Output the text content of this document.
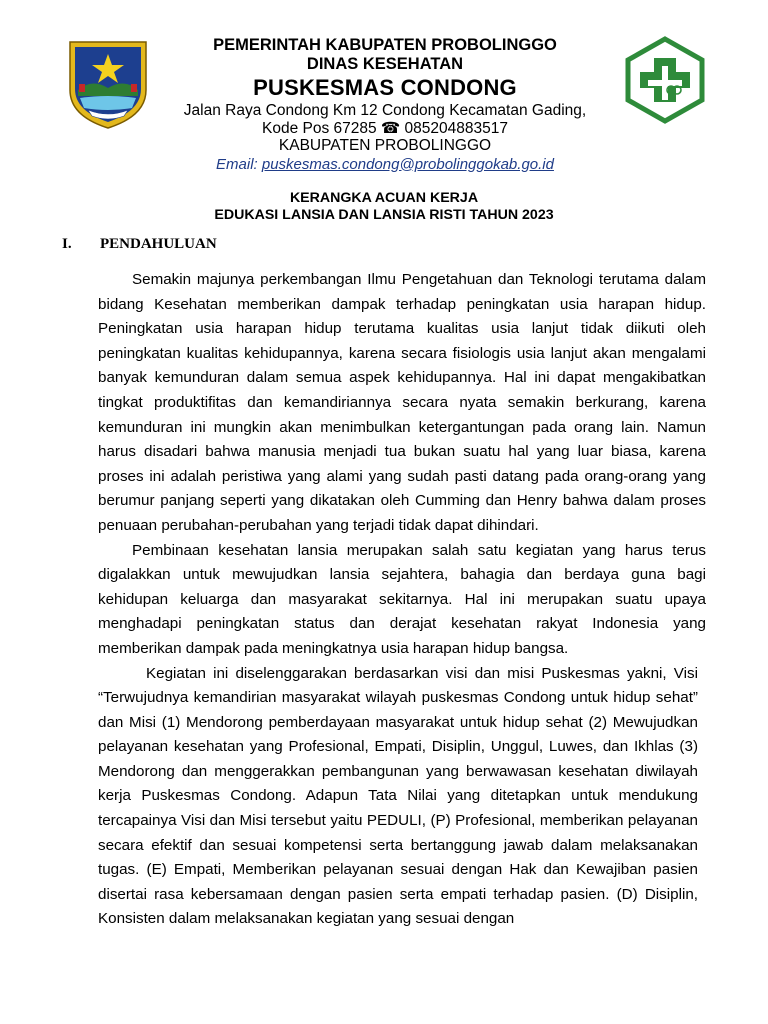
PEMERINTAH KABUPATEN PROBOLINGGO
DINAS KESEHATAN
PUSKESMAS CONDONG
Jalan Raya Condong Km 12 Condong Kecamatan Gading,
Kode Pos 67285 ☎ 085204883517
KABUPATEN PROBOLINGGO
Email: puskesmas.condong@probolinggokab.go.id
KERANGKA ACUAN KERJA
EDUKASI LANSIA DAN LANSIA RISTI TAHUN 2023
I. PENDAHULUAN

Semakin majunya perkembangan Ilmu Pengetahuan dan Teknologi terutama dalam bidang Kesehatan memberikan dampak terhadap peningkatan usia harapan hidup. Peningkatan usia harapan hidup terutama kualitas usia lanjut tidak diikuti oleh peningkatan kualitas kehidupannya, karena secara fisiologis usia lanjut akan mengalami banyak kemunduran dalam semua aspek kehidupannya. Hal ini dapat mengakibatkan tingkat produktifitas dan kemandiriannya secara nyata semakin berkurang, karena kemunduran ini mungkin akan menimbulkan ketergantungan pada orang lain. Namun harus disadari bahwa manusia menjadi tua bukan suatu hal yang luar biasa, karena proses ini adalah peristiwa yang alami yang sudah pasti datang pada orang-orang yang berumur panjang seperti yang dikatakan oleh Cumming dan Henry bahwa dalam proses penuaan perubahan-perubahan yang terjadi tidak dapat dihindari.

Pembinaan kesehatan lansia merupakan salah satu kegiatan yang harus terus digalakkan untuk mewujudkan lansia sejahtera, bahagia dan berdaya guna bagi kehidupan keluarga dan masyarakat sekitarnya. Hal ini merupakan suatu upaya menghadapi peningkatan status dan derajat kesehatan rakyat Indonesia yang memberikan dampak pada meningkatnya usia harapan hidup bangsa.

Kegiatan ini diselenggarakan berdasarkan visi dan misi Puskesmas yakni, Visi “Terwujudnya kemandirian masyarakat wilayah puskesmas Condong untuk hidup sehat” dan Misi (1) Mendorong pemberdayaan masyarakat untuk hidup sehat (2) Mewujudkan pelayanan kesehatan yang Profesional, Empati, Disiplin, Unggul, Luwes, dan Ikhlas (3) Mendorong dan menggerakkan pembangunan yang berwawasan kesehatan diwilayah kerja Puskesmas Condong. Adapun Tata Nilai yang ditetapkan untuk mendukung tercapainya Visi dan Misi tersebut yaitu PEDULI, (P) Profesional, memberikan pelayanan secara efektif dan sesuai kompetensi serta bertanggung jawab dalam melaksanakan tugas. (E) Empati, Memberikan pelayanan sesuai dengan Hak dan Kewajiban pasien disertai rasa kebersamaan dengan pasien serta empati terhadap pasien. (D) Disiplin, Konsisten dalam melaksanakan kegiatan yang sesuai dengan
